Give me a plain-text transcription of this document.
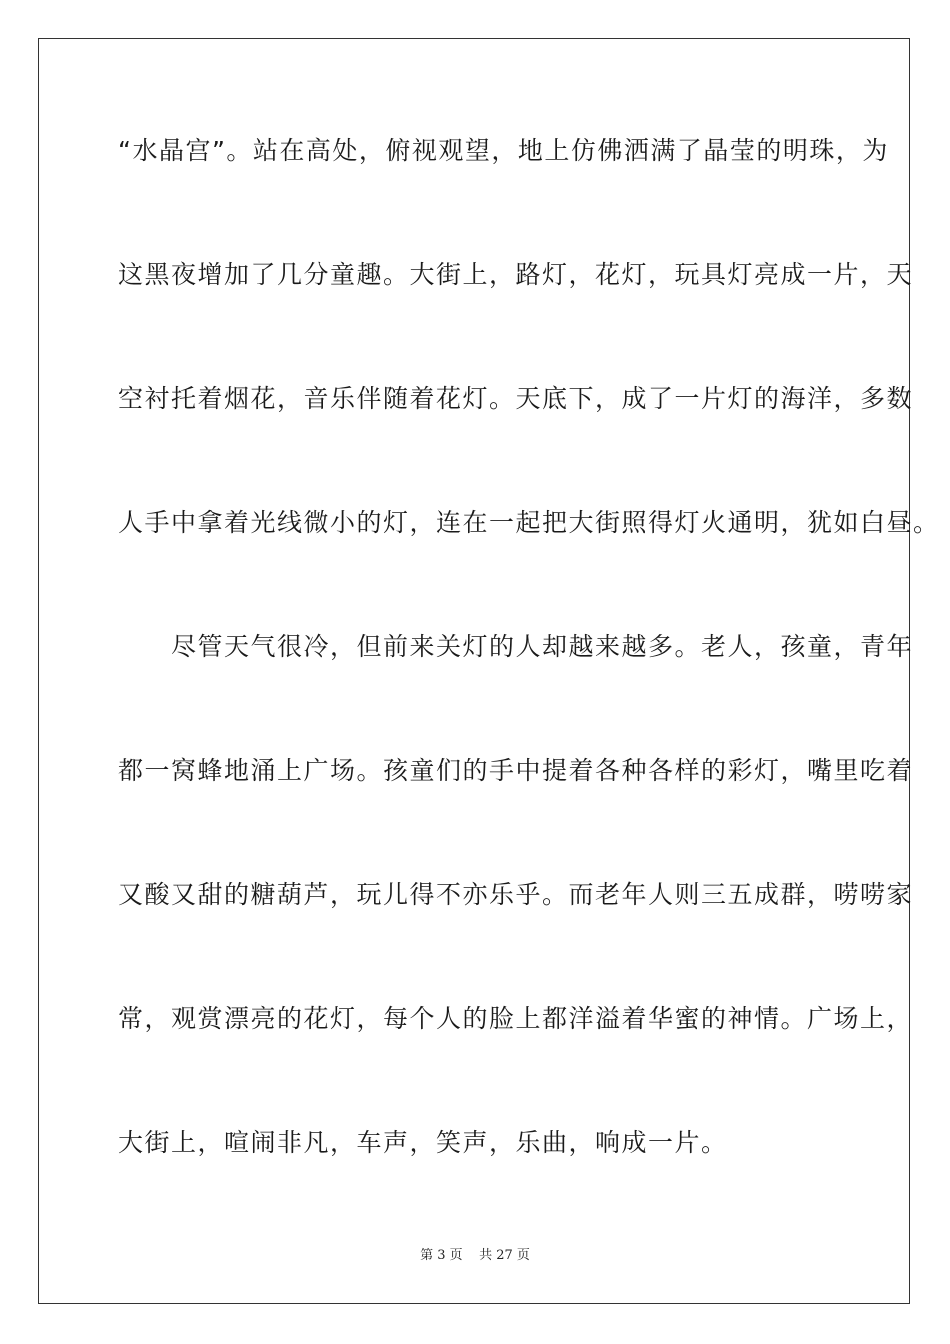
“水晶宫”。站在高处，俯视观望，地上仿佛洒满了晶莹的明珠，为
这黑夜增加了几分童趣。大街上，路灯，花灯，玩具灯亮成一片，天
空衬托着烟花，音乐伴随着花灯。天底下，成了一片灯的海洋，多数
人手中拿着光线微小的灯，连在一起把大街照得灯火通明，犹如白昼。
　　尽管天气很冷，但前来关灯的人却越来越多。老人，孩童，青年
都一窝蜂地涌上广场。孩童们的手中提着各种各样的彩灯，嘴里吃着
又酸又甜的糖葫芦，玩儿得不亦乐乎。而老年人则三五成群，唠唠家
常，观赏漂亮的花灯，每个人的脸上都洋溢着华蜜的神情。广场上，
大街上，喧闹非凡，车声，笑声，乐曲，响成一片。
第 3 页    共 27 页
